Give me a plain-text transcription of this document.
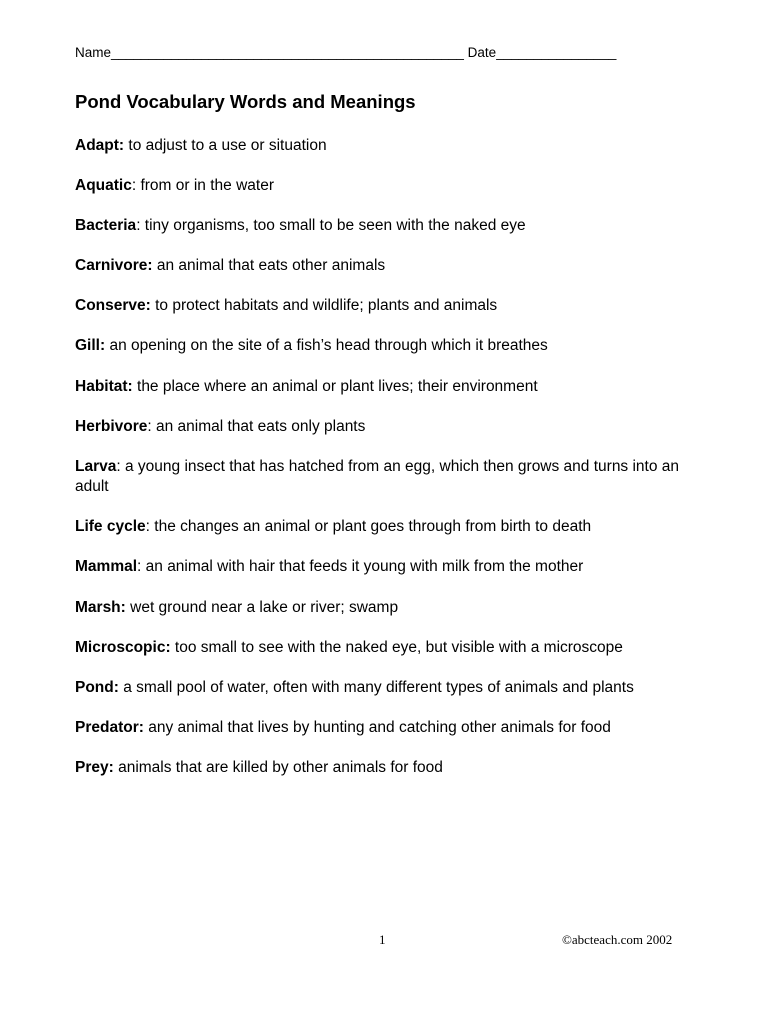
Name_______________________________________________ Date________________
Pond Vocabulary Words and Meanings
Adapt: to adjust to a use or situation
Aquatic: from or in the water
Bacteria: tiny organisms, too small to be seen with the naked eye
Carnivore: an animal that eats other animals
Conserve: to protect habitats and wildlife; plants and animals
Gill: an opening on the site of a fish’s head through which it breathes
Habitat: the place where an animal or plant lives; their environment
Herbivore: an animal that eats only plants
Larva: a young insect that has hatched from an egg, which then grows and turns into an adult
Life cycle: the changes an animal or plant goes through from birth to death
Mammal: an animal with hair that feeds it young with milk from the mother
Marsh: wet ground near a lake or river; swamp
Microscopic: too small to see with the naked eye, but visible with a microscope
Pond: a small pool of water, often with many different types of animals and plants
Predator: any animal that lives by hunting and catching other animals for food
Prey: animals that are killed by other animals for food
1	©abcteach.com 2002
